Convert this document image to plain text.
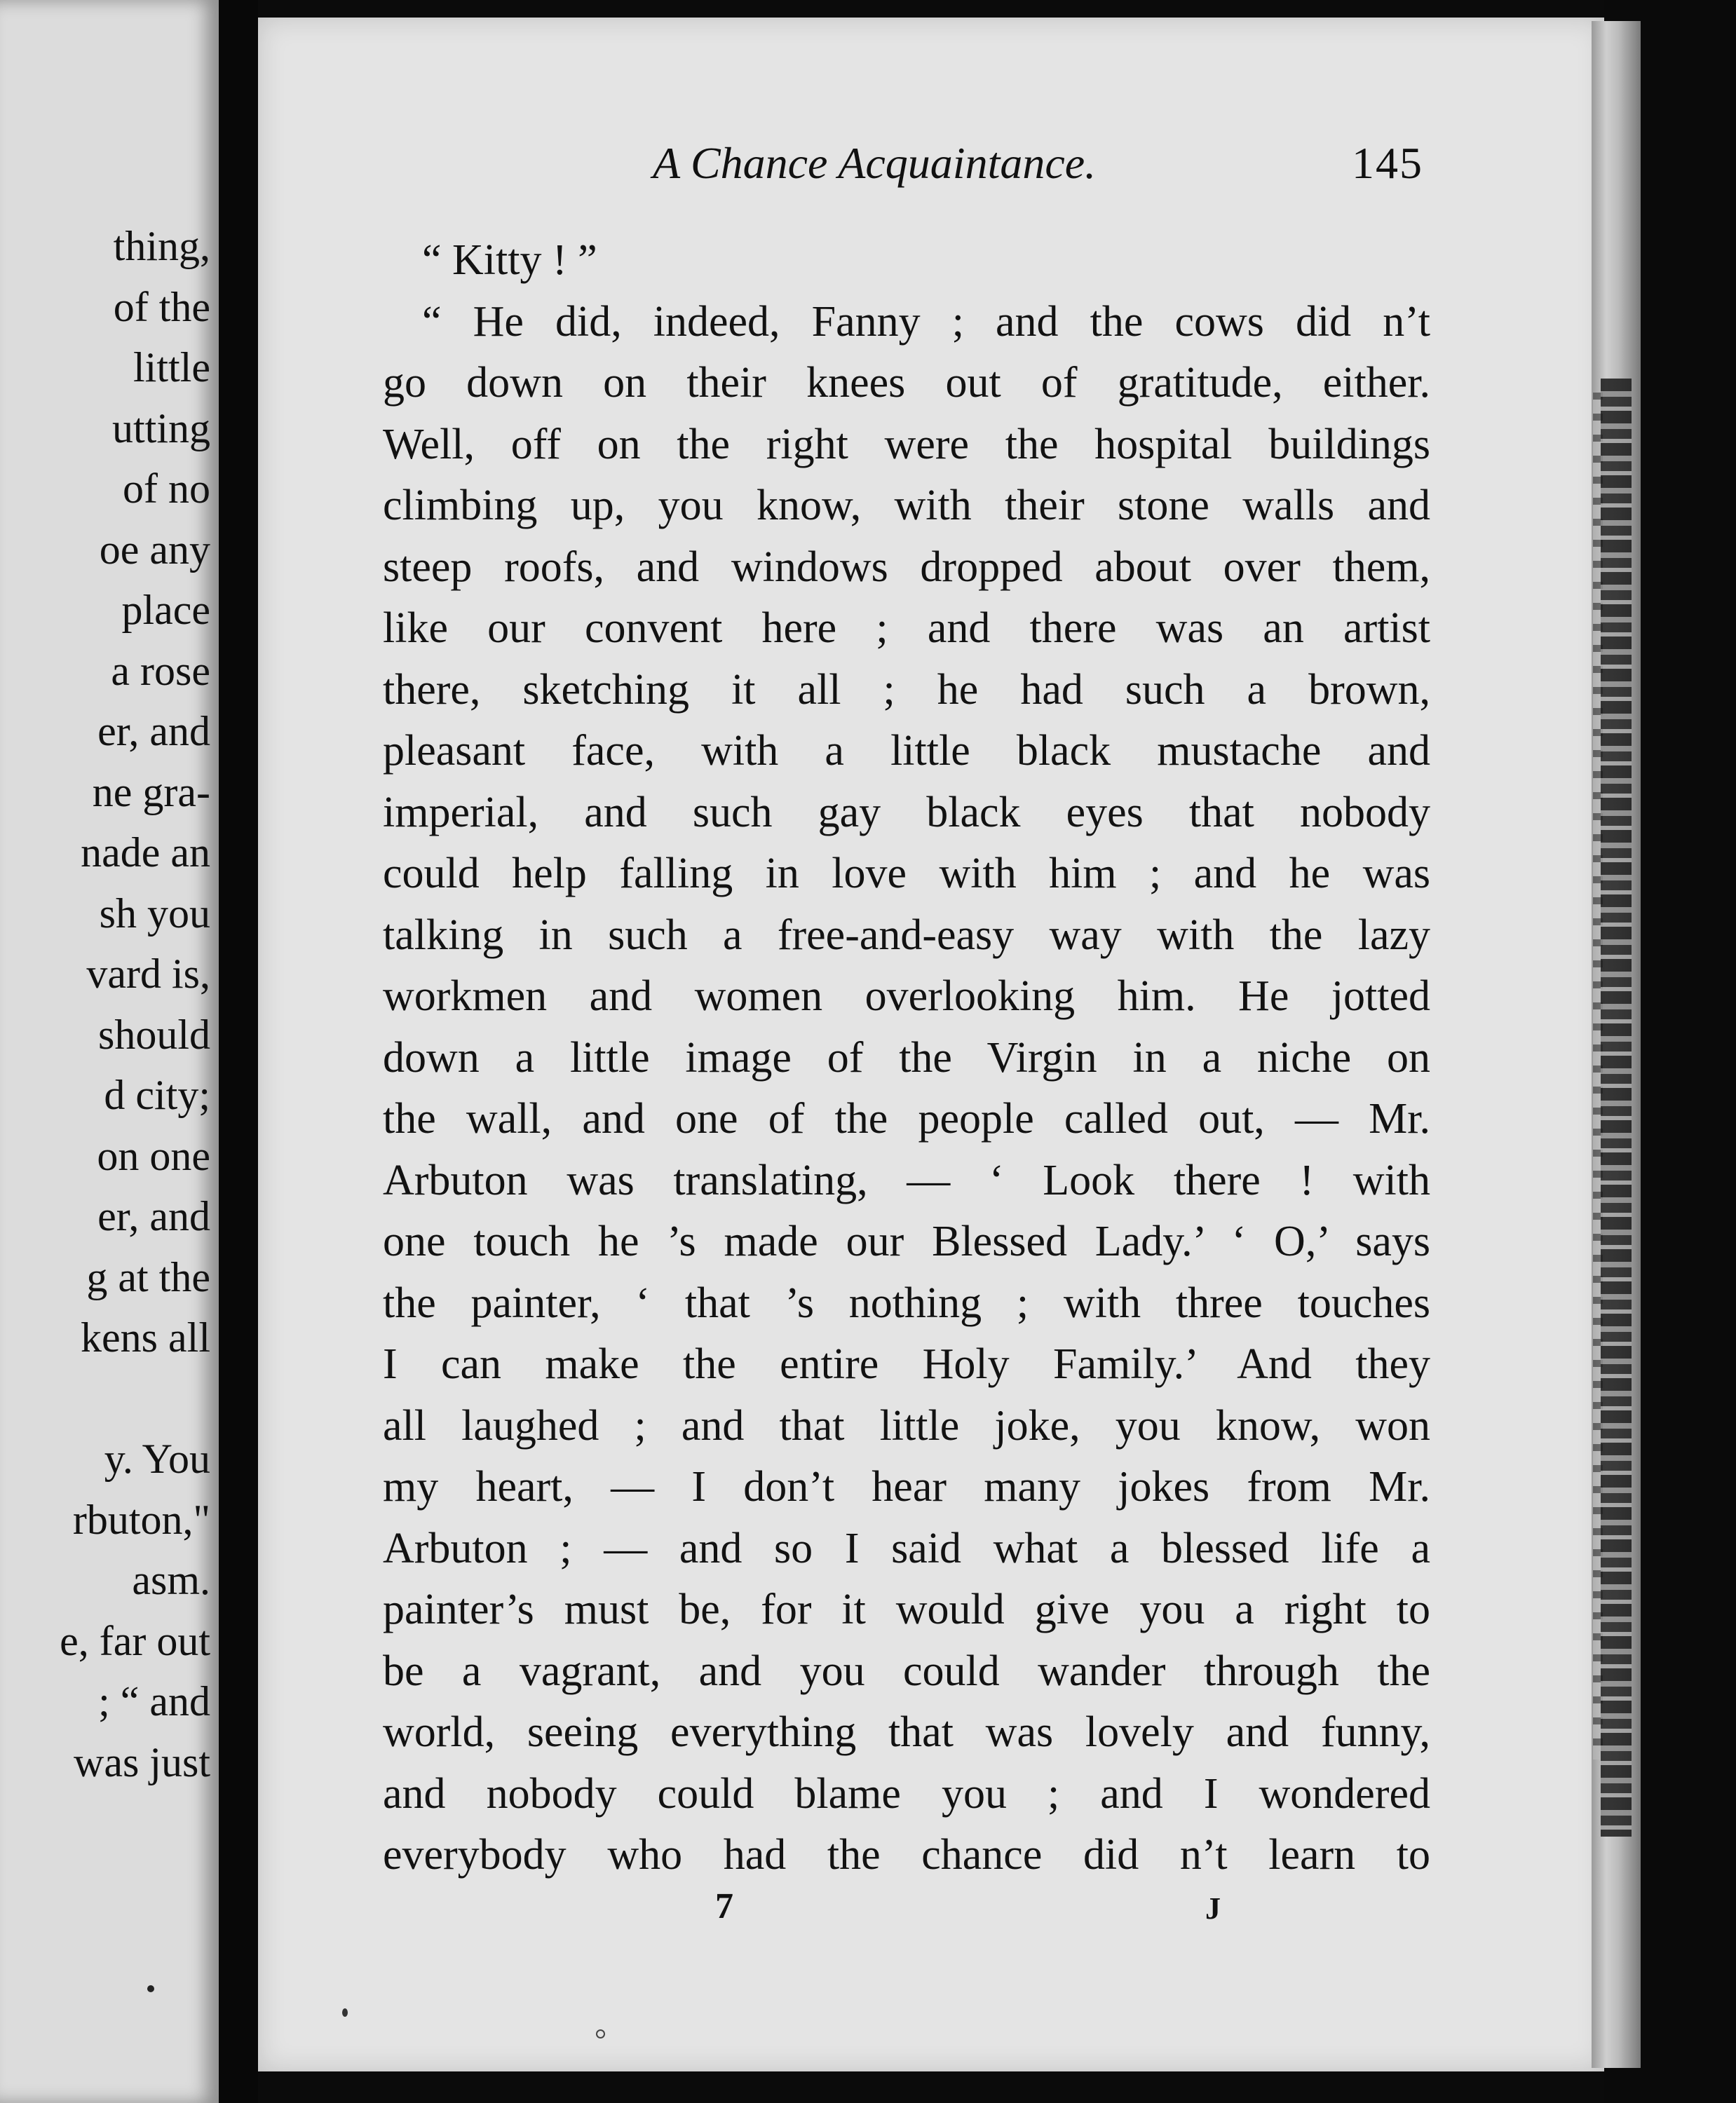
thing,
of the
little
utting
of no
oe any
place
a rose
er, and
ne gra-
nade an
sh you
vard is,
should
d city;
on one
er, and
g at the
kens all
y. You
rbuton,"
asm.
e, far out
; “ and
was just
A Chance Acquaintance.	145
“ Kitty ! ”
“ He did, indeed, Fanny ; and the cows did n’t
go down on their knees out of gratitude, either.
Well, off on the right were the hospital buildings
climbing up, you know, with their stone walls and
steep roofs, and windows dropped about over them,
like our convent here ; and there was an artist
there, sketching it all ; he had such a brown,
pleasant face, with a little black mustache and
imperial, and such gay black eyes that nobody
could help falling in love with him ; and he was
talking in such a free-and-easy way with the lazy
workmen and women overlooking him. He jotted
down a little image of the Virgin in a niche on
the wall, and one of the people called out, — Mr.
Arbuton was translating, — ‘ Look there ! with
one touch he ’s made our Blessed Lady.’ ‘ O,’ says
the painter, ‘ that ’s nothing ; with three touches
I can make the entire Holy Family.’ And they
all laughed ; and that little joke, you know, won
my heart, — I don’t hear many jokes from Mr.
Arbuton ; — and so I said what a blessed life a
painter’s must be, for it would give you a right to
be a vagrant, and you could wander through the
world, seeing everything that was lovely and funny,
and nobody could blame you ; and I wondered
everybody who had the chance did n’t learn to
7	J
